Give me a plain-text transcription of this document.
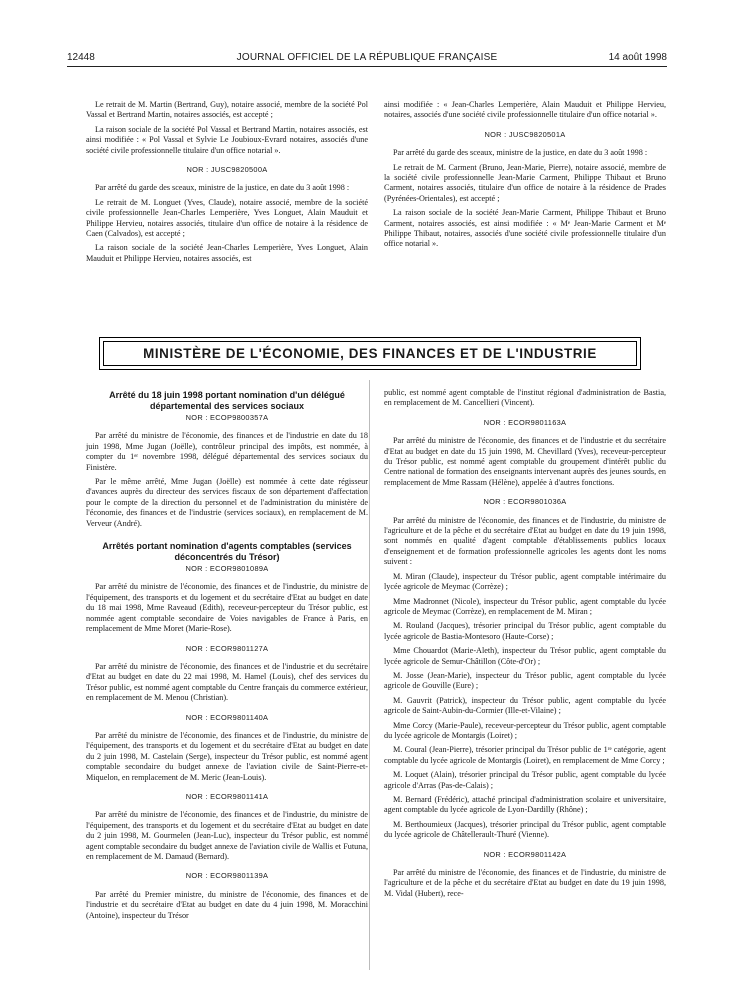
12448	JOURNAL OFFICIEL DE LA RÉPUBLIQUE FRANÇAISE	14 août 1998

Le retrait de M. Martin (Bertrand, Guy), notaire associé, membre de la société Pol Vassal et Bertrand Martin, notaires associés, est accepté ;

La raison sociale de la société Pol Vassal et Bertrand Martin, notaires associés, est ainsi modifiée : « Pol Vassal et Sylvie Le Joubioux-Evrard notaires, associés d'une société civile professionnelle titulaire d'un office notarial ».

NOR : JUSC9820500A

Par arrêté du garde des sceaux, ministre de la justice, en date du 3 août 1998 :

Le retrait de M. Longuet (Yves, Claude), notaire associé, membre de la société civile professionnelle Jean-Charles Lemperière, Yves Longuet, Alain Mauduit et Philippe Hervieu, notaires associés, titulaire d'un office de notaire à la résidence de Caen (Calvados), est accepté ;

La raison sociale de la société Jean-Charles Lemperière, Yves Longuet, Alain Mauduit et Philippe Hervieu, notaires associés, est

ainsi modifiée : « Jean-Charles Lemperière, Alain Mauduit et Philippe Hervieu, notaires, associés d'une société civile professionnelle titulaire d'un office notarial ».

NOR : JUSC9820501A

Par arrêté du garde des sceaux, ministre de la justice, en date du 3 août 1998 :

Le retrait de M. Carment (Bruno, Jean-Marie, Pierre), notaire associé, membre de la société civile professionnelle Jean-Marie Carment, Philippe Thibaut et Bruno Carment, notaires associés, titulaire d'un office de notaire à la résidence de Prades (Pyrénées-Orientales), est accepté ;

La raison sociale de la société Jean-Marie Carment, Philippe Thibaut et Bruno Carment, notaires associés, est ainsi modifiée : « Mᵉ Jean-Marie Carment et Mᵉ Philippe Thibaut, notaires, associés d'une société civile professionnelle titulaire d'un office notarial ».

MINISTÈRE DE L'ÉCONOMIE, DES FINANCES ET DE L'INDUSTRIE
Arrêté du 18 juin 1998 portant nomination d'un délégué départemental des services sociaux
NOR : ECOP9800357A

Par arrêté du ministre de l'économie, des finances et de l'industrie en date du 18 juin 1998, Mme Jugan (Joëlle), contrôleur principal des impôts, est nommée, à compter du 1ᵉʳ novembre 1998, délégué départemental des services sociaux du Finistère.

Par le même arrêté, Mme Jugan (Joëlle) est nommée à cette date régisseur d'avances auprès du directeur des services fiscaux de son département d'affectation pour le compte de la direction du personnel et de l'administration du ministère de l'économie, des finances et de l'industrie (services sociaux), en remplacement de M. Verveur (André).

Arrêtés portant nomination d'agents comptables (services déconcentrés du Trésor)
NOR : ECOR9801089A

Par arrêté du ministre de l'économie, des finances et de l'industrie, du ministre de l'équipement, des transports et du logement et du secrétaire d'Etat au budget en date du 18 mai 1998, Mme Raveaud (Edith), receveur-percepteur du Trésor public, est nommée agent comptable secondaire de Voies navigables de France à Paris, en remplacement de Mme Moret (Marie-Rose).

NOR : ECOR9801127A

Par arrêté du ministre de l'économie, des finances et de l'industrie et du secrétaire d'Etat au budget en date du 22 mai 1998, M. Hamel (Louis), chef des services du Trésor public, est nommé agent comptable du Centre français du commerce extérieur, en remplacement de M. Menou (Christian).

NOR : ECOR9801140A

Par arrêté du ministre de l'économie, des finances et de l'industrie, du ministre de l'équipement, des transports et du logement et du secrétaire d'Etat au budget en date du 2 juin 1998, M. Castelain (Serge), inspecteur du Trésor public, est nommé agent comptable secondaire du budget annexe de l'aviation civile de Saint-Pierre-et-Miquelon, en remplacement de M. Meric (Jean-Louis).

NOR : ECOR9801141A

Par arrêté du ministre de l'économie, des finances et de l'industrie, du ministre de l'équipement, des transports et du logement et du secrétaire d'Etat au budget en date du 2 juin 1998, M. Gourmelen (Jean-Luc), inspecteur du Trésor public, est nommé agent comptable secondaire du budget annexe de l'aviation civile de Wallis et Futuna, en remplacement de M. Damaud (Bernard).

NOR : ECOR9801139A

Par arrêté du Premier ministre, du ministre de l'économie, des finances et de l'industrie et du secrétaire d'Etat au budget en date du 4 juin 1998, M. Moracchini (Antoine), inspecteur du Trésor

public, est nommé agent comptable de l'institut régional d'administration de Bastia, en remplacement de M. Cancellieri (Vincent).

NOR : ECOR9801163A

Par arrêté du ministre de l'économie, des finances et de l'industrie et du secrétaire d'Etat au budget en date du 15 juin 1998, M. Chevillard (Yves), receveur-percepteur du Trésor public, est nommé agent comptable du groupement d'intérêt public du Centre national de formation des enseignants intervenant auprès des jeunes sourds, en remplacement de Mme Rassam (Hélène), appelée à d'autres fonctions.

NOR : ECOR9801036A

Par arrêté du ministre de l'économie, des finances et de l'industrie, du ministre de l'agriculture et de la pêche et du secrétaire d'Etat au budget en date du 19 juin 1998, sont nommés en qualité d'agent comptable d'établissements publics locaux d'enseignement et de formation professionnelle agricoles les agents dont les noms suivent :

M. Miran (Claude), inspecteur du Trésor public, agent comptable intérimaire du lycée agricole de Meymac (Corrèze) ;

Mme Madronnet (Nicole), inspecteur du Trésor public, agent comptable du lycée agricole de Meymac (Corrèze), en remplacement de M. Miran ;

M. Rouland (Jacques), trésorier principal du Trésor public, agent comptable du lycée agricole de Bastia-Montesoro (Haute-Corse) ;

Mme Chouardot (Marie-Aleth), inspecteur du Trésor public, agent comptable du lycée agricole de Semur-Châtillon (Côte-d'Or) ;

M. Josse (Jean-Marie), inspecteur du Trésor public, agent comptable du lycée agricole de Gouville (Eure) ;

M. Gauvrit (Patrick), inspecteur du Trésor public, agent comptable du lycée agricole de Saint-Aubin-du-Cormier (Ille-et-Vilaine) ;

Mme Corcy (Marie-Paule), receveur-percepteur du Trésor public, agent comptable du lycée agricole de Montargis (Loiret) ;

M. Coural (Jean-Pierre), trésorier principal du Trésor public de 1ʳᵉ catégorie, agent comptable du lycée agricole de Montargis (Loiret), en remplacement de Mme Corcy ;

M. Loquet (Alain), trésorier principal du Trésor public, agent comptable du lycée agricole d'Arras (Pas-de-Calais) ;

M. Bernard (Frédéric), attaché principal d'administration scolaire et universitaire, agent comptable du lycée agricole de Lyon-Dardilly (Rhône) ;

M. Berthoumieux (Jacques), trésorier principal du Trésor public, agent comptable du lycée agricole de Châtellerault-Thuré (Vienne).

NOR : ECOR9801142A

Par arrêté du ministre de l'économie, des finances et de l'industrie, du ministre de l'agriculture et de la pêche et du secrétaire d'Etat au budget en date du 19 juin 1998, M. Vidal (Hubert), rece-
